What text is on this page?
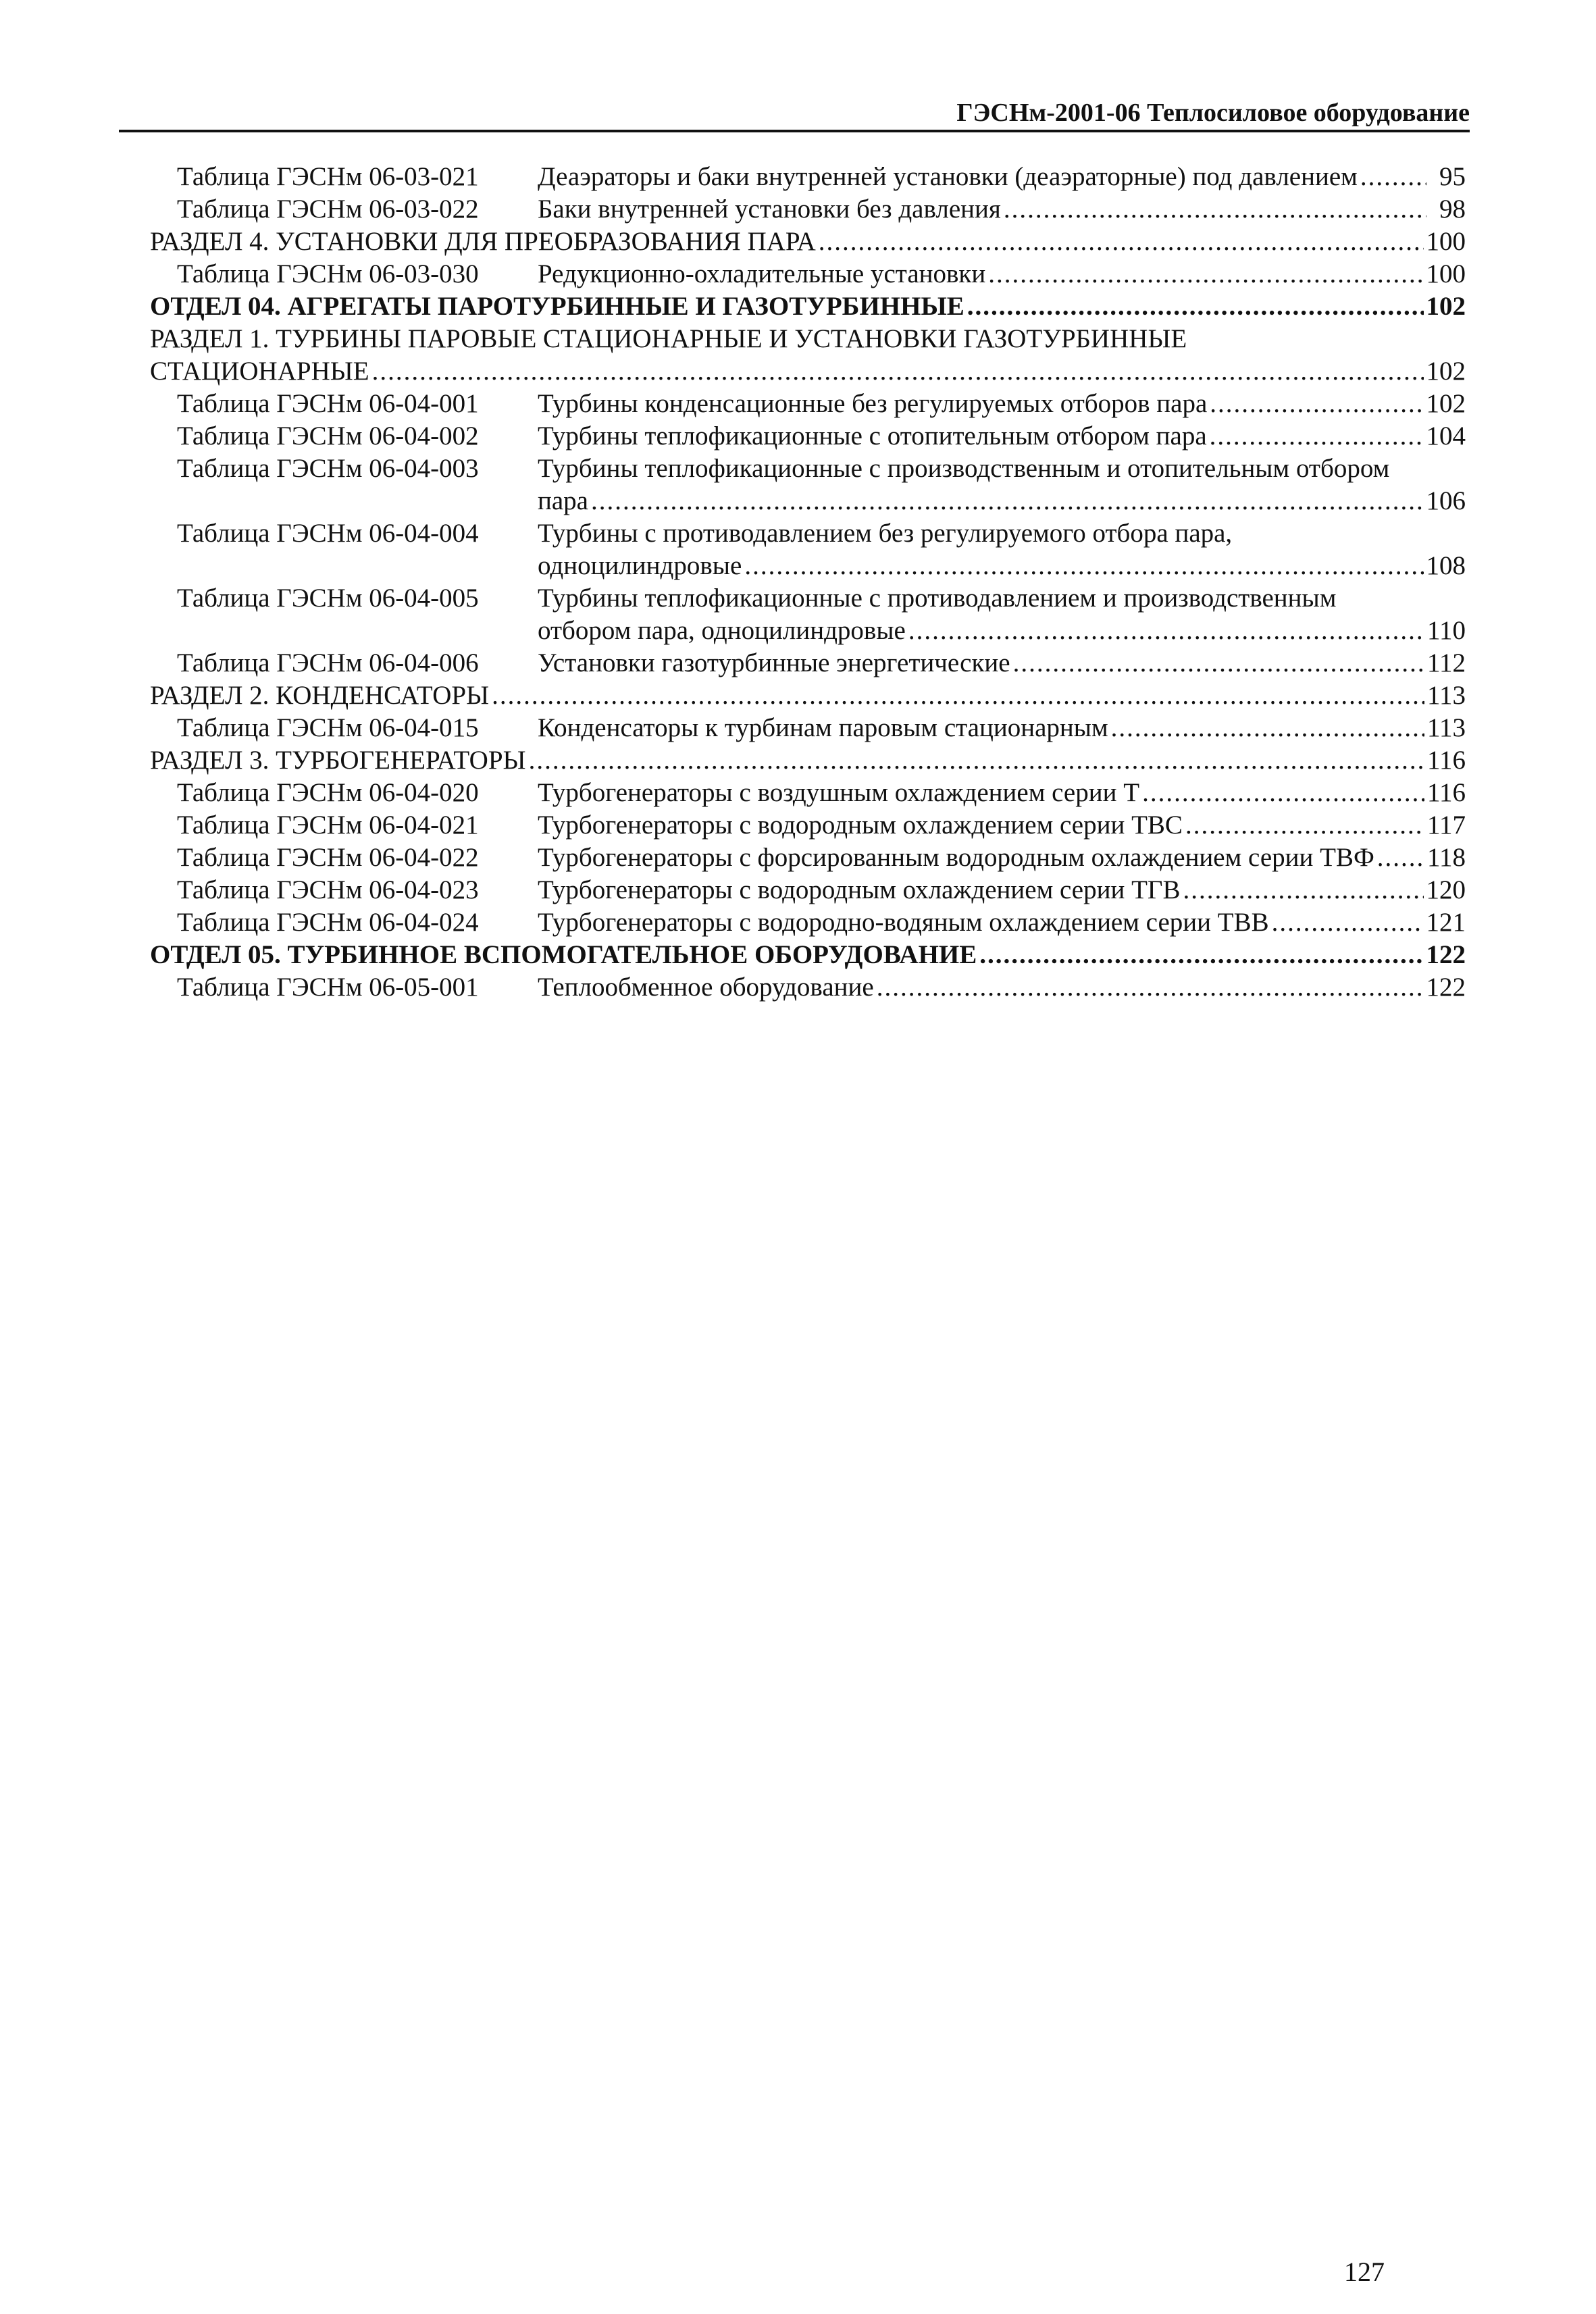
ГЭСНм-2001-06 Теплосиловое оборудование
Таблица ГЭСНм 06-03-021 Деаэраторы и баки внутренней установки (деаэраторные) под давлением .....	95
Таблица ГЭСНм 06-03-022 Баки внутренней установки без давления .....	98
РАЗДЕЛ 4. УСТАНОВКИ ДЛЯ ПРЕОБРАЗОВАНИЯ ПАРА .....	100
Таблица ГЭСНм 06-03-030 Редукционно-охладительные установки .....	100
ОТДЕЛ 04. АГРЕГАТЫ ПАРОТУРБИННЫЕ И ГАЗОТУРБИННЫЕ .....	102
РАЗДЕЛ 1. ТУРБИНЫ ПАРОВЫЕ СТАЦИОНАРНЫЕ И УСТАНОВКИ ГАЗОТУРБИННЫЕ
СТАЦИОНАРНЫЕ .....	102
Таблица ГЭСНм 06-04-001 Турбины конденсационные без регулируемых отборов пара .....	102
Таблица ГЭСНм 06-04-002 Турбины теплофикационные с отопительным отбором пара .....	104
Таблица ГЭСНм 06-04-003 Турбины теплофикационные с производственным и отопительным отбором
пара .....	106
Таблица ГЭСНм 06-04-004 Турбины с противодавлением без регулируемого отбора пара,
одноцилиндровые .....	108
Таблица ГЭСНм 06-04-005 Турбины теплофикационные с противодавлением и производственным
отбором пара, одноцилиндровые .....	110
Таблица ГЭСНм 06-04-006 Установки газотурбинные энергетические .....	112
РАЗДЕЛ 2. КОНДЕНСАТОРЫ .....	113
Таблица ГЭСНм 06-04-015 Конденсаторы к турбинам паровым стационарным .....	113
РАЗДЕЛ 3. ТУРБОГЕНЕРАТОРЫ .....	116
Таблица ГЭСНм 06-04-020 Турбогенераторы с воздушным охлаждением серии Т .....	116
Таблица ГЭСНм 06-04-021 Турбогенераторы с водородным охлаждением серии ТВС .....	117
Таблица ГЭСНм 06-04-022 Турбогенераторы с форсированным водородным охлаждением серии ТВФ ..... 118
Таблица ГЭСНм 06-04-023 Турбогенераторы с водородным охлаждением серии ТГВ .....	120
Таблица ГЭСНм 06-04-024 Турбогенераторы с водородно-водяным охлаждением серии ТВВ .....	121
ОТДЕЛ 05. ТУРБИННОЕ ВСПОМОГАТЕЛЬНОЕ ОБОРУДОВАНИЕ .....	122
Таблица ГЭСНм 06-05-001 Теплообменное оборудование .....	122
127
